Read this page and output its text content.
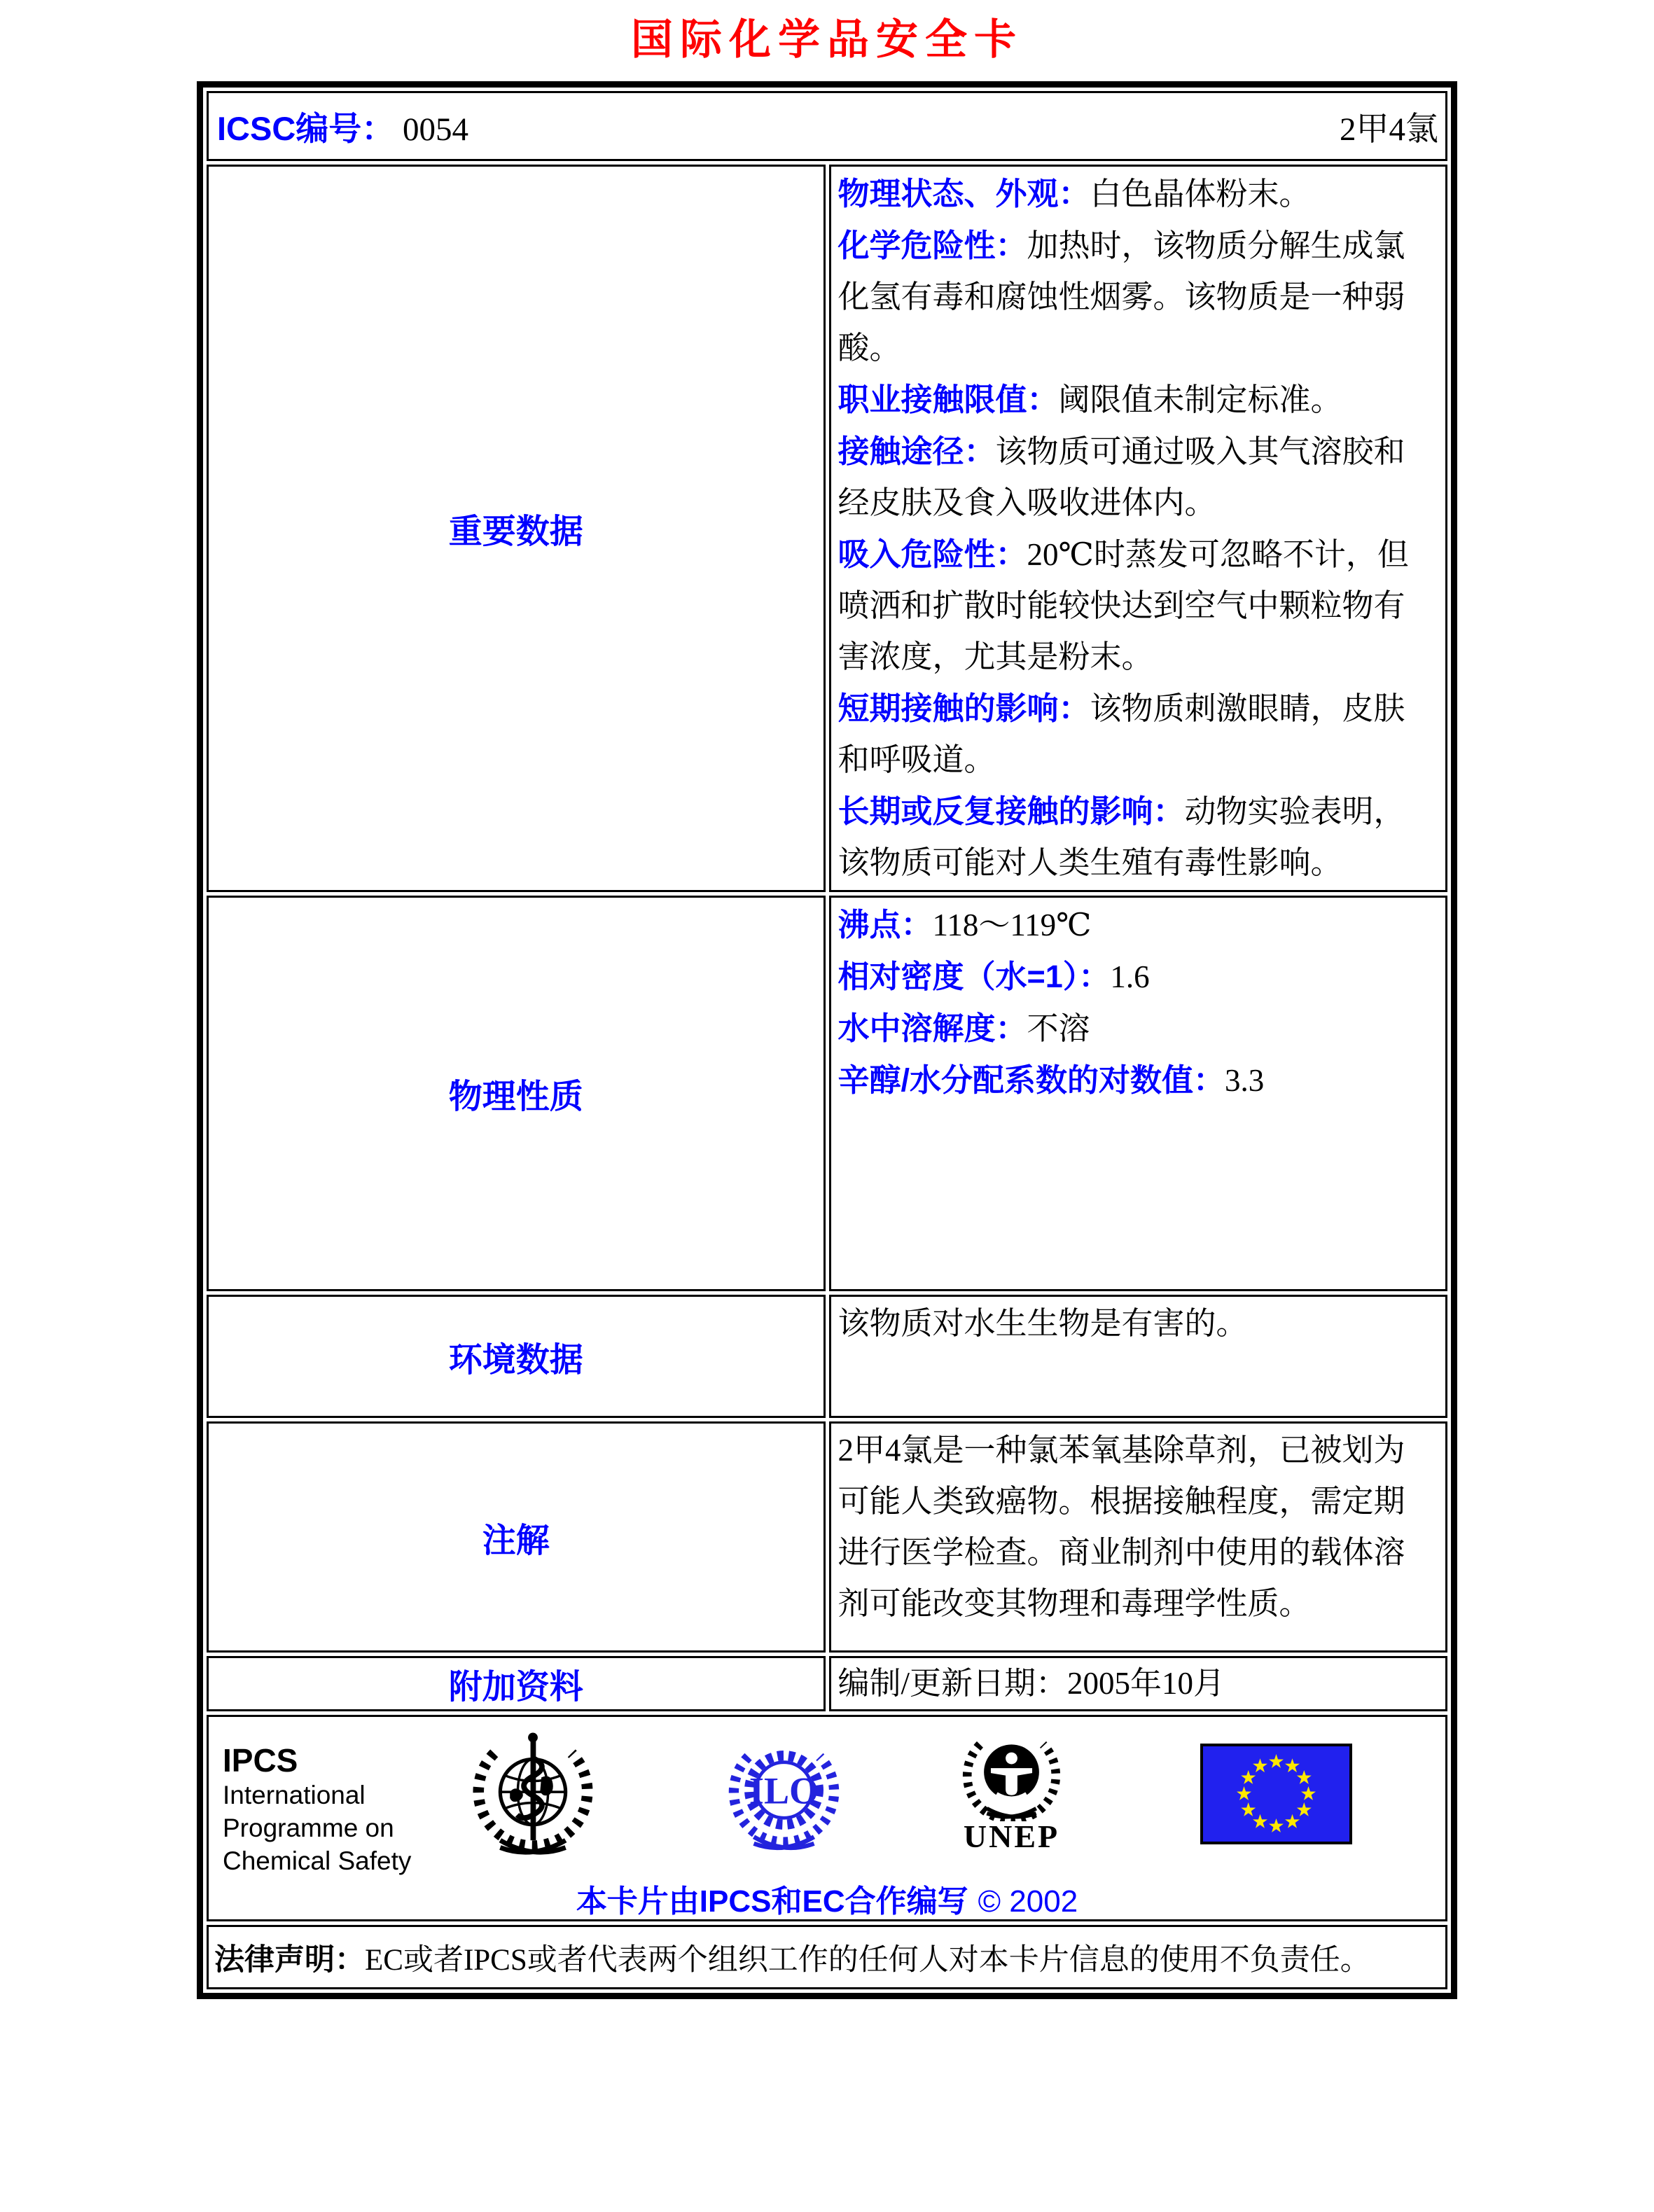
国际化学品安全卡
ICSC编号： 0054 2甲4氯	

重要数据	

物理状态、外观：白色晶体粉末。

化学危险性：加热时，该物质分解生成氯化氢有毒和腐蚀性烟雾。该物质是一种弱酸。

职业接触限值：阈限值未制定标准。

接触途径：该物质可通过吸入其气溶胶和经皮肤及食入吸收进体内。

吸入危险性：20℃时蒸发可忽略不计，但喷洒和扩散时能较快达到空气中颗粒物有害浓度，尤其是粉末。

短期接触的影响：该物质刺激眼睛，皮肤和呼吸道。

长期或反复接触的影响：动物实验表明，该物质可能对人类生殖有毒性影响。

物理性质	沸点：118～119℃

相对密度（水=1）：1.6

水中溶解度：不溶

辛醇/水分配系数的对数值：3.3

环境数据	该物质对水生生物是有害的。

注解	2甲4氯是一种氯苯氧基除草剂，已被划为可能人类致癌物。根据接触程度，需定期进行医学检查。商业制剂中使用的载体溶剂可能改变其物理和毒理学性质。

附加资料	编制/更新日期：2005年10月

IPCS
International
Programme on
Chemical Safety
ILO
UNEP
本卡片由IPCS和EC合作编写 © 2002

法律声明：EC或者IPCS或者代表两个组织工作的任何人对本卡片信息的使用不负责任。	
